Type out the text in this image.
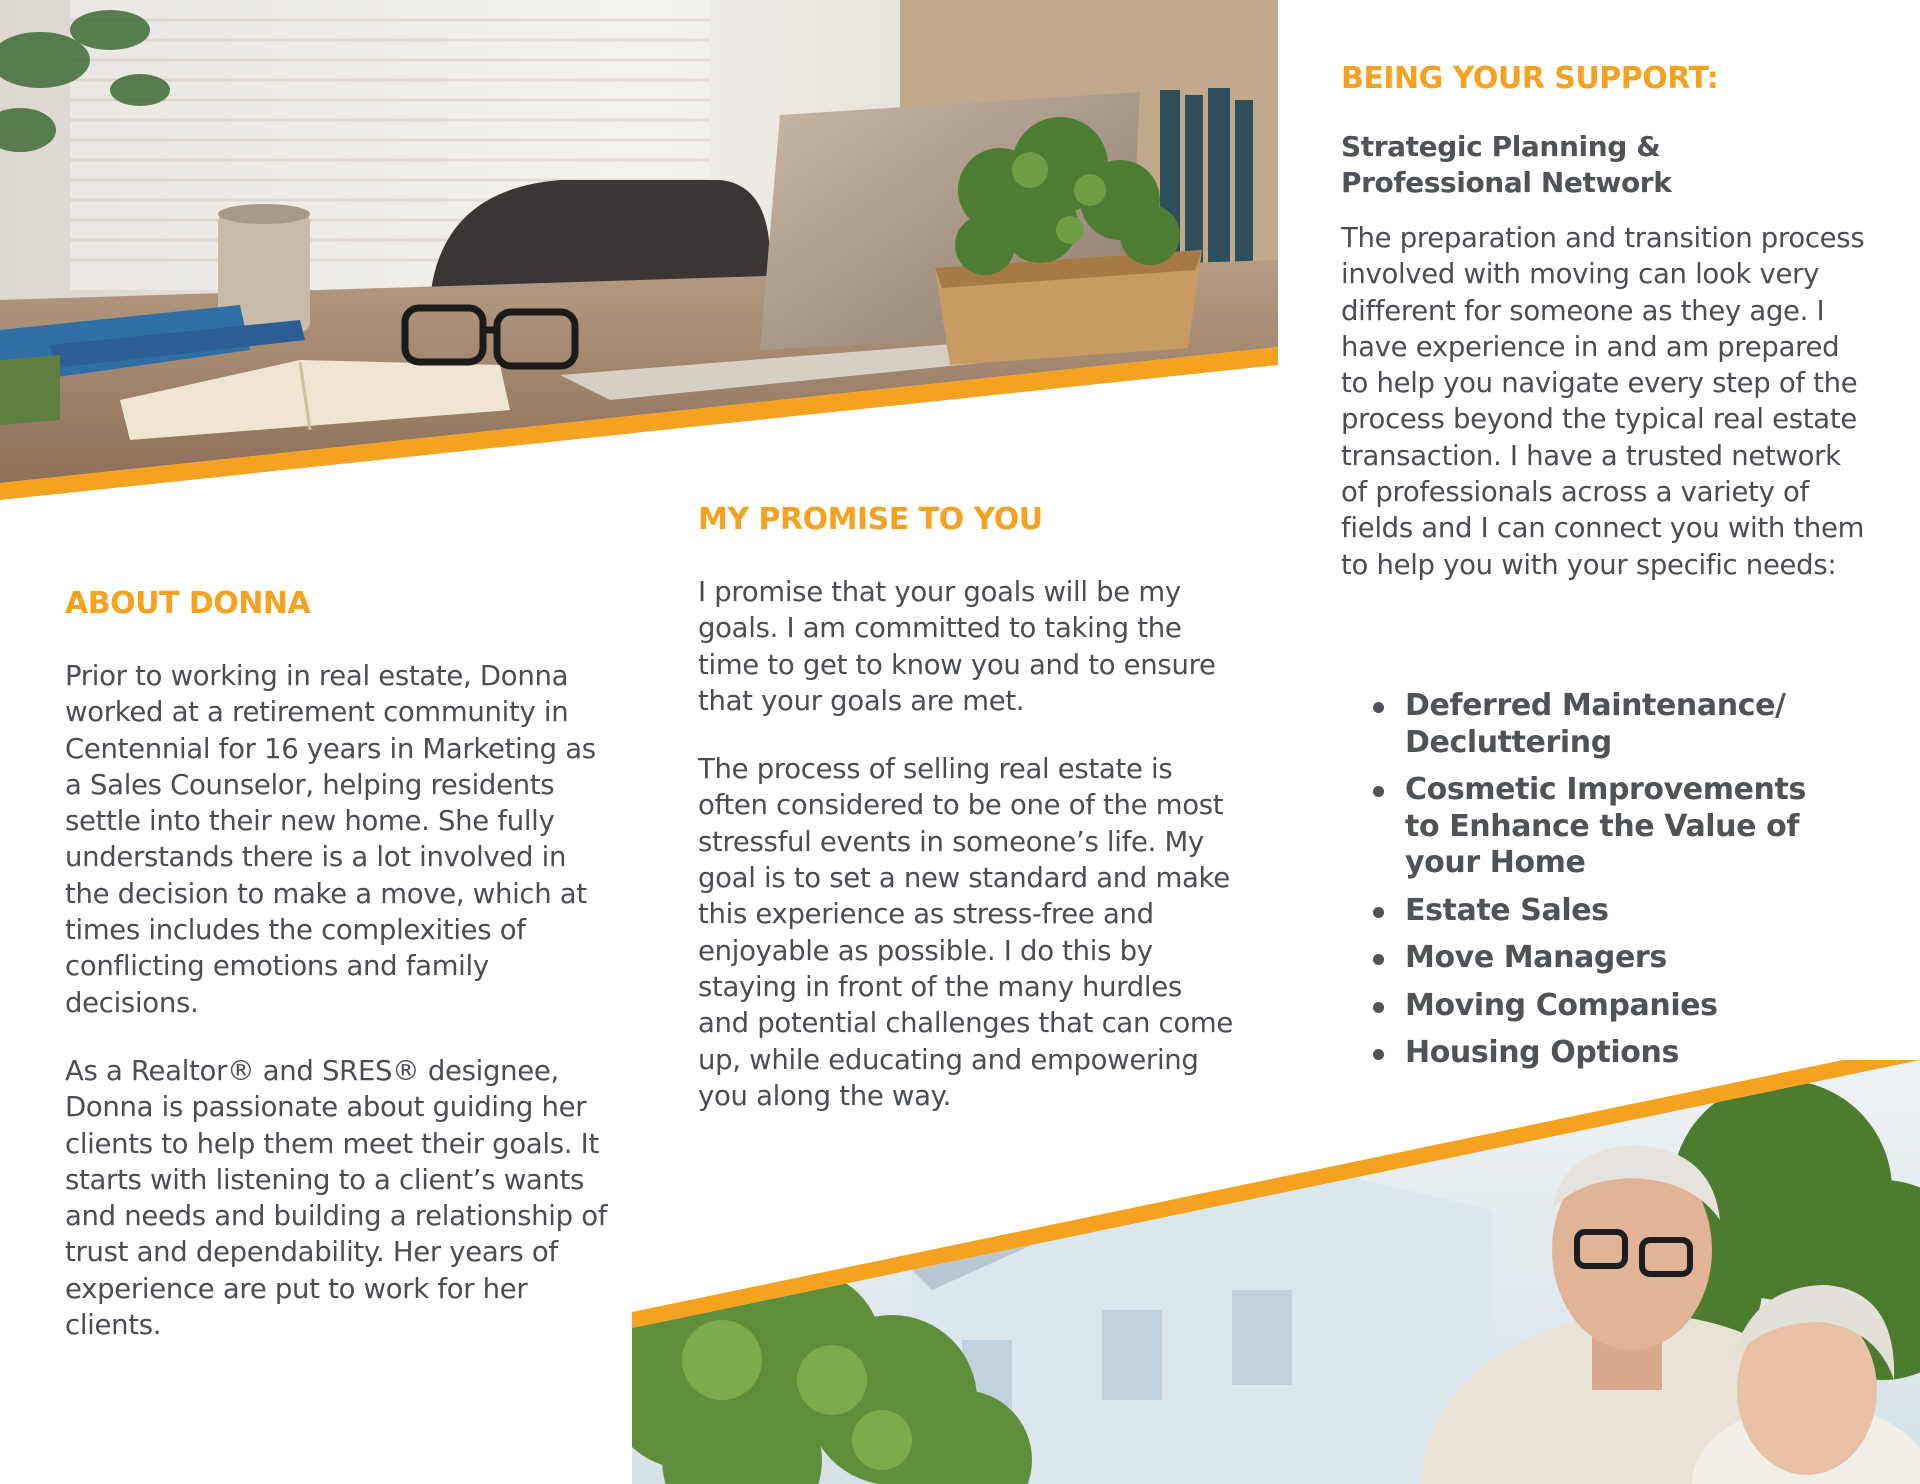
ABOUT DONNA

Prior to working in real estate, Donna worked at a retirement community in Centennial for 16 years in Marketing as a Sales Counselor, helping residents settle into their new home. She fully understands there is a lot involved in the decision to make a move, which at times includes the complexities of conflicting emotions and family decisions.

As a Realtor® and SRES® designee, Donna is passionate about guiding her clients to help them meet their goals. It starts with listening to a client’s wants and needs and building a relationship of trust and dependability. Her years of experience are put to work for her clients.

MY PROMISE TO YOU

I promise that your goals will be my goals. I am committed to taking the time to get to know you and to ensure that your goals are met.

The process of selling real estate is often considered to be one of the most stressful events in someone’s life. My goal is to set a new standard and make this experience as stress-free and enjoyable as possible. I do this by staying in front of the many hurdles and potential challenges that can come up, while educating and empowering you along the way.

BEING YOUR SUPPORT:
Strategic Planning & Professional Network
The preparation and transition process involved with moving can look very different for someone as they age. I have experience in and am prepared to help you navigate every step of the process beyond the typical real estate transaction. I have a trusted network of professionals across a variety of fields and I can connect you with them to help you with your specific needs:
Deferred Maintenance/ Decluttering
Cosmetic Improvements to Enhance the Value of your Home
Estate Sales
Move Managers
Moving Companies
Housing Options
